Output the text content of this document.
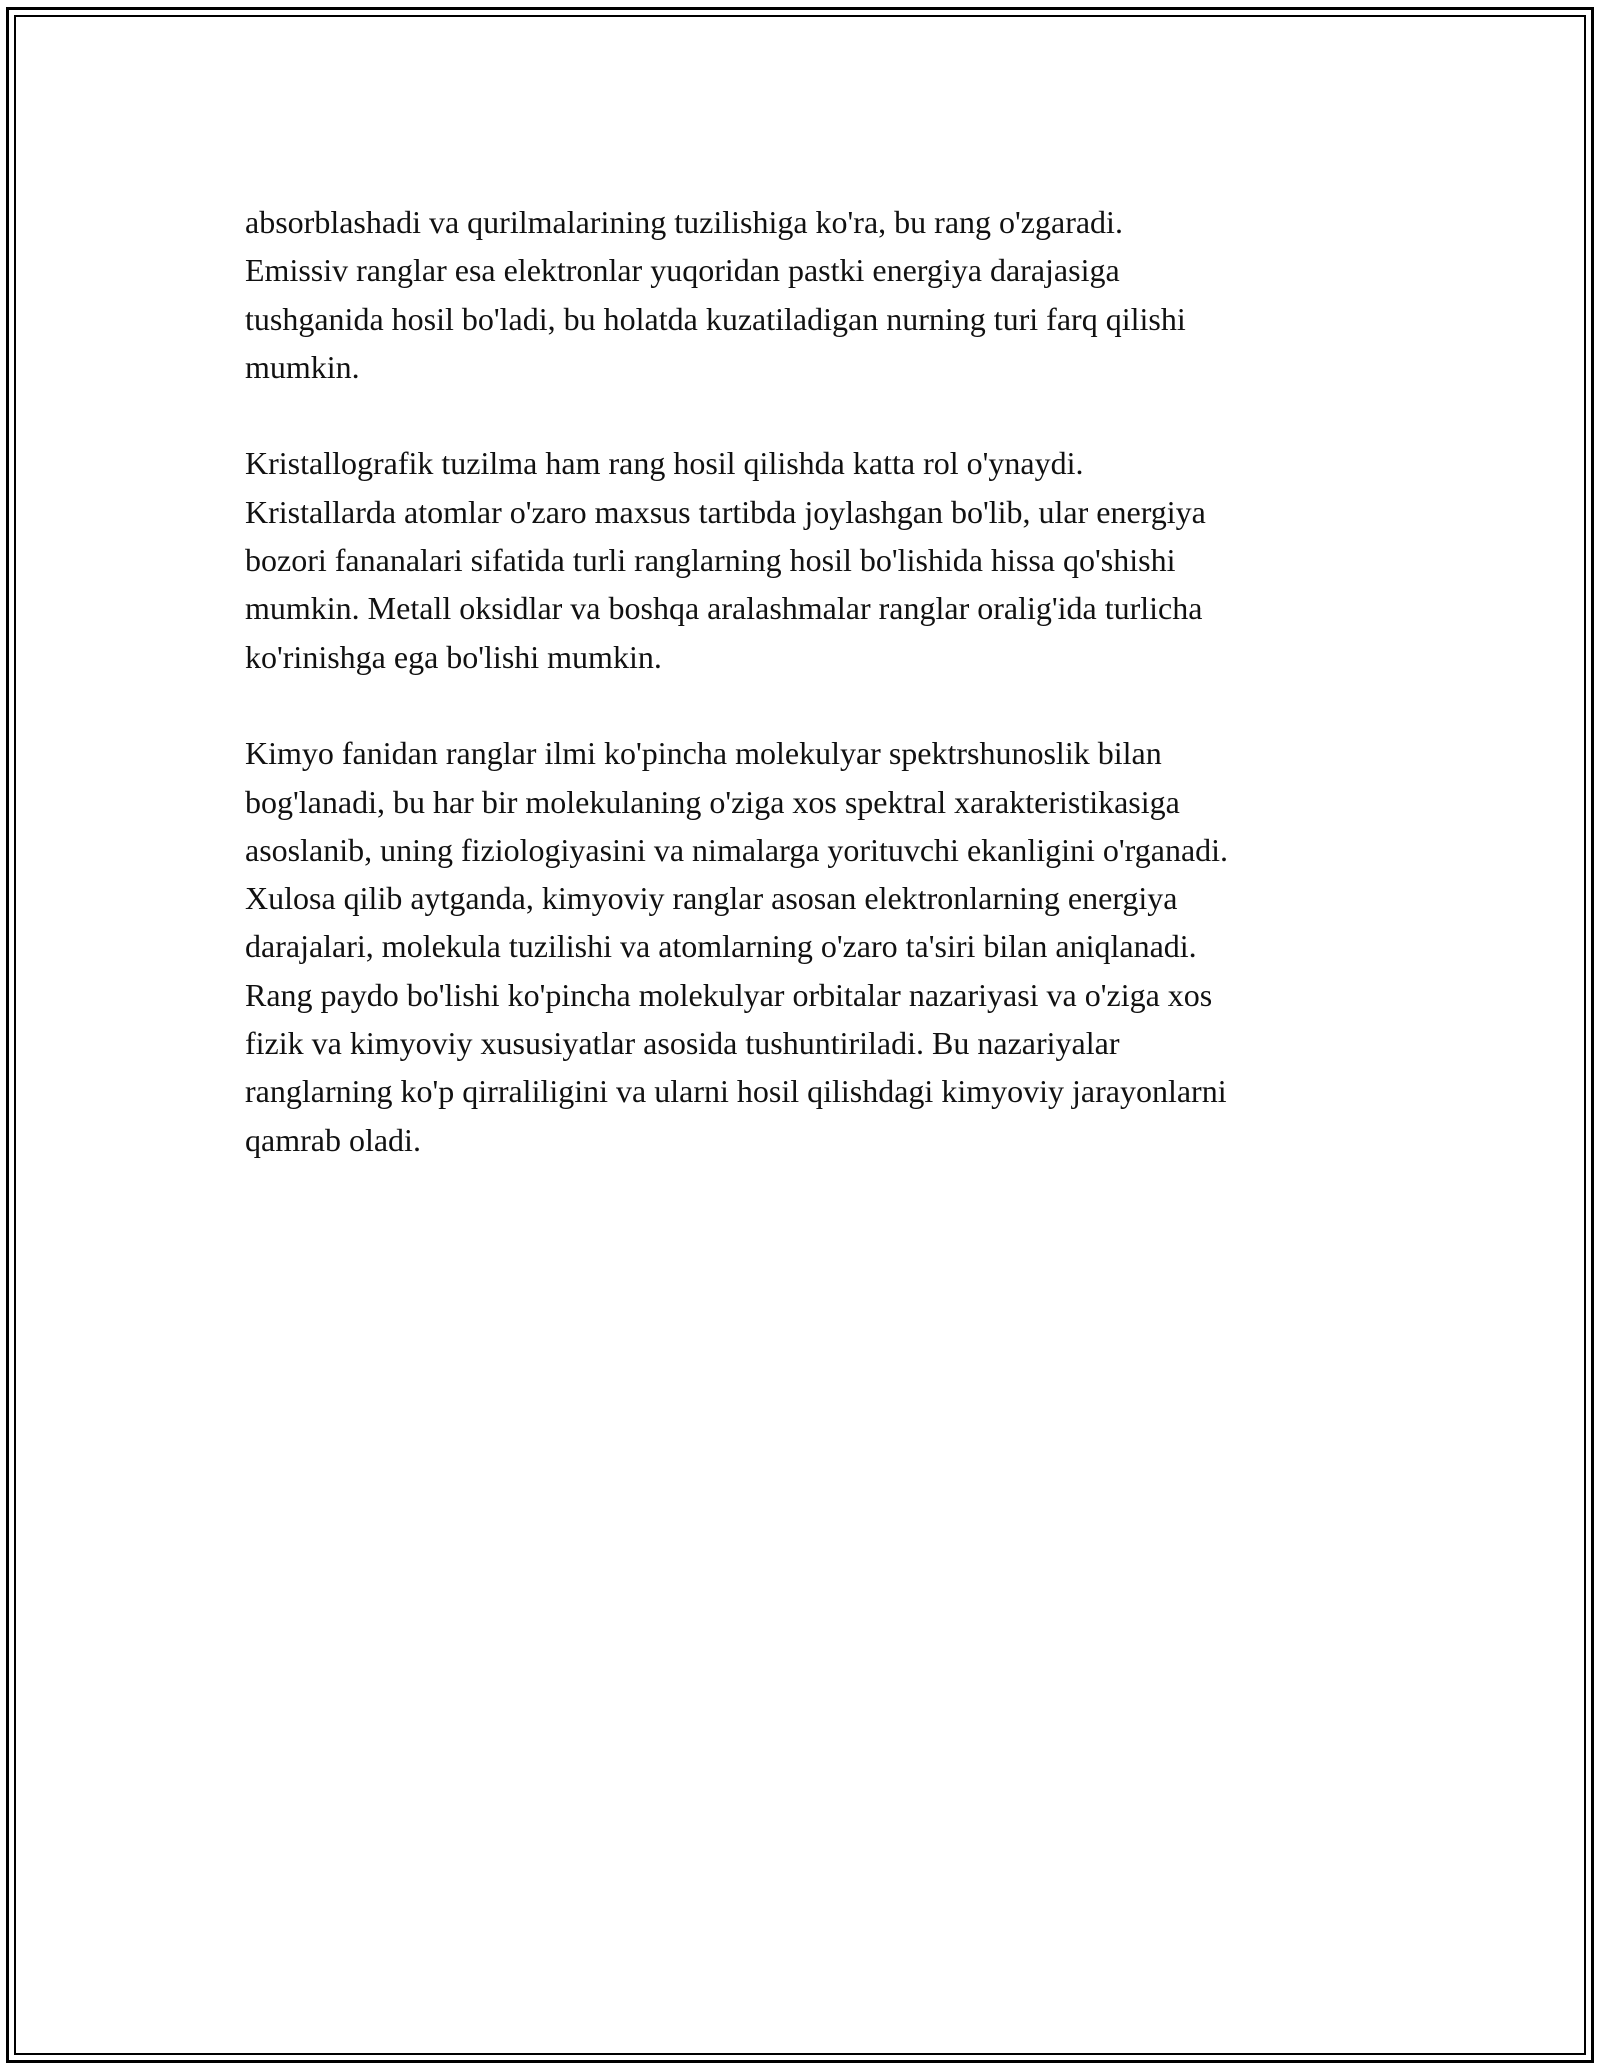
absorblashadi va qurilmalarining tuzilishiga ko'ra, bu rang o'zgaradi.
Emissiv ranglar esa elektronlar yuqoridan pastki energiya darajasiga
tushganida hosil bo'ladi, bu holatda kuzatiladigan nurning turi farq qilishi
mumkin.

Kristallografik tuzilma ham rang hosil qilishda katta rol o'ynaydi.
Kristallarda atomlar o'zaro maxsus tartibda joylashgan bo'lib, ular energiya
bozori fananalari sifatida turli ranglarning hosil bo'lishida hissa qo'shishi
mumkin. Metall oksidlar va boshqa aralashmalar ranglar oralig'ida turlicha
ko'rinishga ega bo'lishi mumkin.

Kimyo fanidan ranglar ilmi ko'pincha molekulyar spektrshunoslik bilan
bog'lanadi, bu har bir molekulaning o'ziga xos spektral xarakteristikasiga
asoslanib, uning fiziologiyasini va nimalarga yorituvchi ekanligini o'rganadi.
Xulosa qilib aytganda, kimyoviy ranglar asosan elektronlarning energiya
darajalari, molekula tuzilishi va atomlarning o'zaro ta'siri bilan aniqlanadi.
Rang paydo bo'lishi ko'pincha molekulyar orbitalar nazariyasi va o'ziga xos
fizik va kimyoviy xususiyatlar asosida tushuntiriladi. Bu nazariyalar
ranglarning ko'p qirraliligini va ularni hosil qilishdagi kimyoviy jarayonlarni
qamrab oladi.
